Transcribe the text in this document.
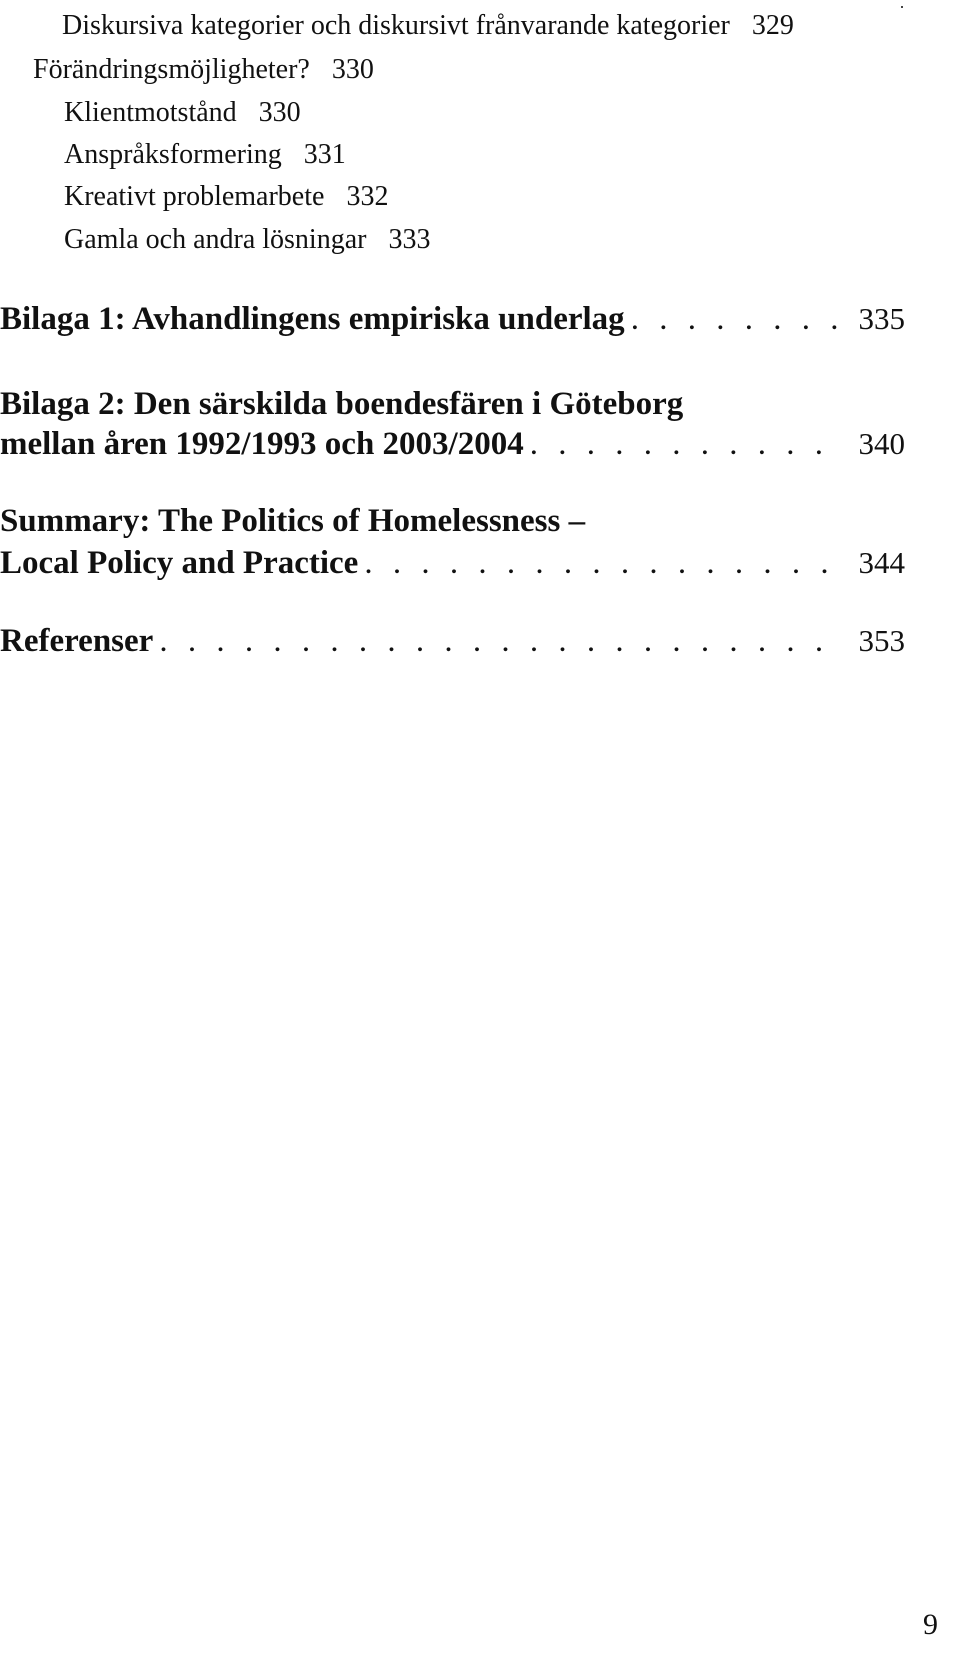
Diskursiva kategorier och diskursivt frånvarande kategorier 329
Förändringsmöjligheter? 330
Klientmotstånd 330
Anspråksformering 331
Kreativt problemarbete 332
Gamla och andra lösningar 333
Bilaga 1: Avhandlingens empiriska underlag . . .	335
Bilaga 2: Den särskilda boendesfären i Göteborg
mellan åren 1992/1993 och 2003/2004 . . .	340
Summary: The Politics of Homelessness –
Local Policy and Practice . . .	344
Referenser . . .	353
9
